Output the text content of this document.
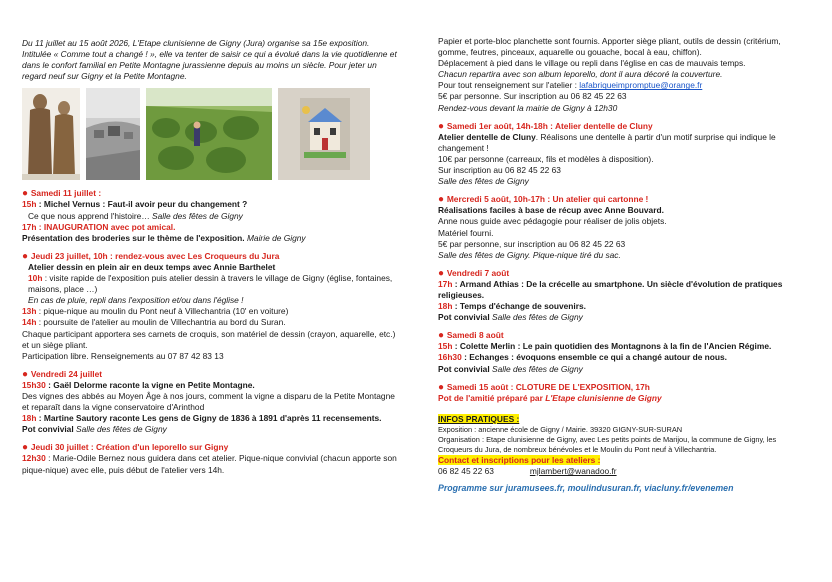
Du 11 juillet au 15 août 2026, L'Etape clunisienne de Gigny (Jura) organise sa 15e exposition. Intitulée « Comme tout a changé ! », elle va tenter de saisir ce qui a évolué dans la vie quotidienne et dans le confort familial en Petite Montagne jurassienne depuis au moins un siècle. Pour jeter un regard neuf sur Gigny et la Petite Montagne.

● Samedi 11 juillet :
15h : Michel Vernus : Faut-il avoir peur du changement ?
Ce que nous apprend l'histoire… Salle des fêtes de Gigny
17h : INAUGURATION avec pot amical.
Présentation des broderies sur le thème de l'exposition. Mairie de Gigny
● Jeudi 23 juillet, 10h : rendez-vous avec Les Croqueurs du Jura
Atelier dessin en plein air en deux temps avec Annie Barthelet
10h : visite rapide de l'exposition puis atelier dessin à travers le village de Gigny (église, fontaines, maisons, place …)
En cas de pluie, repli dans l'exposition et/ou dans l'église !
13h : pique-nique au moulin du Pont neuf à Villechantria (10' en voiture)
14h : poursuite de l'atelier au moulin de Villechantria au bord du Suran.
Chaque participant apportera ses carnets de croquis, son matériel de dessin (crayon, aquarelle, etc.) et un siège pliant.
Participation libre. Renseignements au 07 87 42 83 13
● Vendredi 24 juillet
15h30 : Gaël Delorme raconte la vigne en Petite Montagne.
Des vignes des abbés au Moyen Âge à nos jours, comment la vigne a disparu de la Petite Montagne et reparaît dans la vigne conservatoire d'Arinthod
18h : Martine Sautory raconte Les gens de Gigny de 1836 à 1891 d'après 11 recensements.
Pot convivial Salle des fêtes de Gigny
● Jeudi 30 juillet : Création d'un leporello sur Gigny
12h30 : Marie-Odile Bernez nous guidera dans cet atelier. Pique-nique convivial (chacun apporte son pique-nique) avec elle, puis début de l'atelier vers 14h.
Papier et porte-bloc planchette sont fournis. Apporter siège pliant, outils de dessin (critérium, gomme, feutres, pinceaux, aquarelle ou gouache, bocal à eau, chiffon).
Déplacement à pied dans le village ou repli dans l'église en cas de mauvais temps.
Chacun repartira avec son album leporello, dont il aura décoré la couverture.
Pour tout renseignement sur l'atelier : lafabriqueimpromptue@orange.fr
5€ par personne. Sur inscription au 06 82 45 22 63
Rendez-vous devant la mairie de Gigny à 12h30
● Samedi 1er août, 14h-18h : Atelier dentelle de Cluny
Atelier dentelle de Cluny. Réalisons une dentelle à partir d'un motif surprise qui indique le changement !
10€ par personne (carreaux, fils et modèles à disposition).
Sur inscription au 06 82 45 22 63
Salle des fêtes de Gigny
● Mercredi 5 août, 10h-17h : Un atelier qui cartonne !
Réalisations faciles à base de récup avec Anne Bouvard.
Anne nous guide avec pédagogie pour réaliser de jolis objets.
Matériel fourni.
5€ par personne, sur inscription au 06 82 45 22 63
Salle des fêtes de Gigny. Pique-nique tiré du sac.
● Vendredi 7 août
17h : Armand Athias : De la crécelle au smartphone. Un siècle d'évolution de pratiques religieuses.
18h : Temps d'échange de souvenirs.
Pot convivial Salle des fêtes de Gigny
● Samedi 8 août
15h : Colette Merlin : Le pain quotidien des Montagnons à la fin de l'Ancien Régime.
16h30 : Echanges : évoquons ensemble ce qui a changé autour de nous.
Pot convivial Salle des fêtes de Gigny
● Samedi 15 août : CLOTURE DE L'EXPOSITION, 17h
Pot de l'amitié préparé par L'Etape clunisienne de Gigny
INFOS PRATIQUES :
Exposition : ancienne école de Gigny / Mairie. 39320 GIGNY-SUR-SURAN
Organisation : Etape clunisienne de Gigny, avec Les petits points de Marijou, la commune de Gigny, les Croqueurs du Jura, de nombreux bénévoles et le Moulin du Pont neuf à Villechantria.
Contact et inscriptions pour les ateliers :
06 82 45 22 63	mjlambert@wanadoo.fr
Programme sur juramusees.fr, moulindusuran.fr, viacluny.fr/evenemen
